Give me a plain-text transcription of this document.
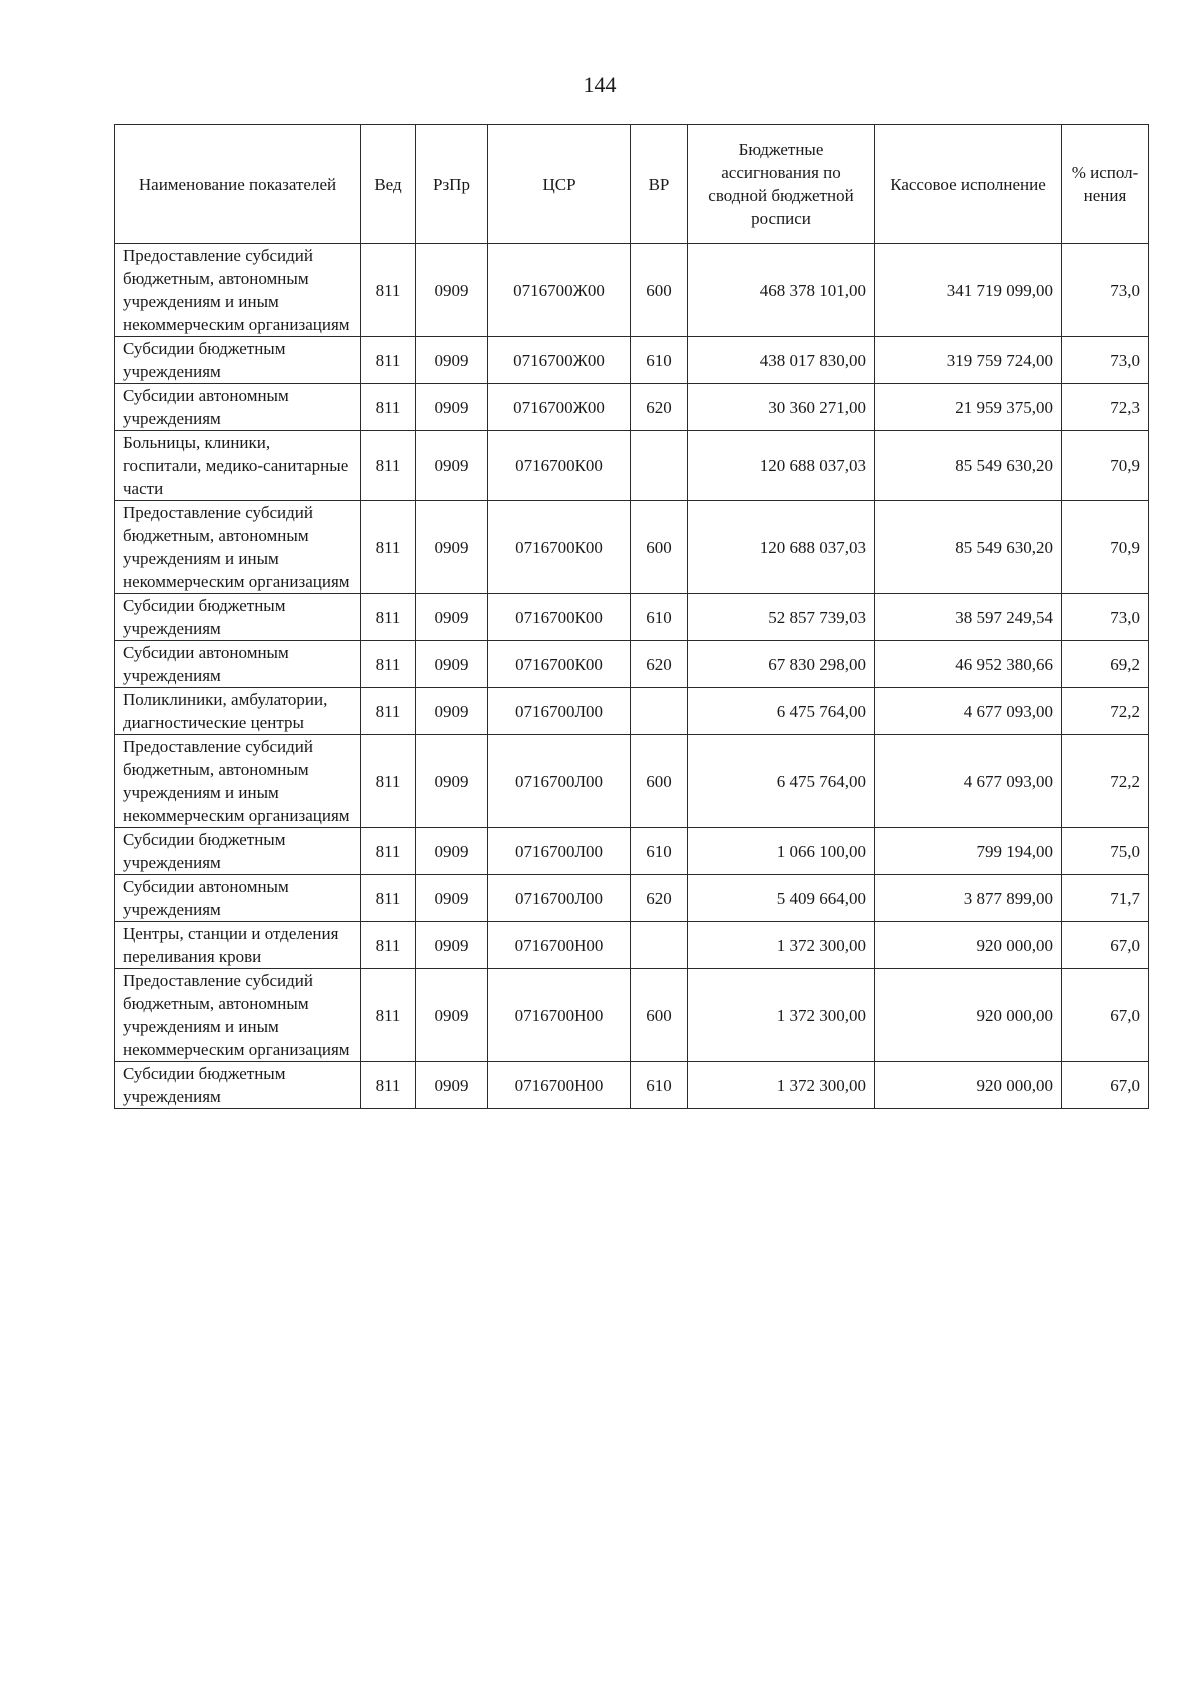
144
Наименование показателей	Вед	РзПр	ЦСР	ВР	Бюджетные ассигнования по сводной бюджетной росписи	Кассовое исполнение	% испол-нения
Предоставление субсидий бюджетным, автономным учреждениям и иным некоммерческим организациям	811	0909	0716700Ж00	600	468 378 101,00	341 719 099,00	73,0
Субсидии бюджетным учреждениям	811	0909	0716700Ж00	610	438 017 830,00	319 759 724,00	73,0
Субсидии автономным учреждениям	811	0909	0716700Ж00	620	30 360 271,00	21 959 375,00	72,3
Больницы, клиники, госпитали, медико-санитарные части	811	0909	0716700К00		120 688 037,03	85 549 630,20	70,9
Предоставление субсидий бюджетным, автономным учреждениям и иным некоммерческим организациям	811	0909	0716700К00	600	120 688 037,03	85 549 630,20	70,9
Субсидии бюджетным учреждениям	811	0909	0716700К00	610	52 857 739,03	38 597 249,54	73,0
Субсидии автономным учреждениям	811	0909	0716700К00	620	67 830 298,00	46 952 380,66	69,2
Поликлиники, амбулатории, диагностические центры	811	0909	0716700Л00		6 475 764,00	4 677 093,00	72,2
Предоставление субсидий бюджетным, автономным учреждениям и иным некоммерческим организациям	811	0909	0716700Л00	600	6 475 764,00	4 677 093,00	72,2
Субсидии бюджетным учреждениям	811	0909	0716700Л00	610	1 066 100,00	799 194,00	75,0
Субсидии автономным учреждениям	811	0909	0716700Л00	620	5 409 664,00	3 877 899,00	71,7
Центры, станции и отделения переливания крови	811	0909	0716700Н00		1 372 300,00	920 000,00	67,0
Предоставление субсидий бюджетным, автономным учреждениям и иным некоммерческим организациям	811	0909	0716700Н00	600	1 372 300,00	920 000,00	67,0
Субсидии бюджетным учреждениям	811	0909	0716700Н00	610	1 372 300,00	920 000,00	67,0
